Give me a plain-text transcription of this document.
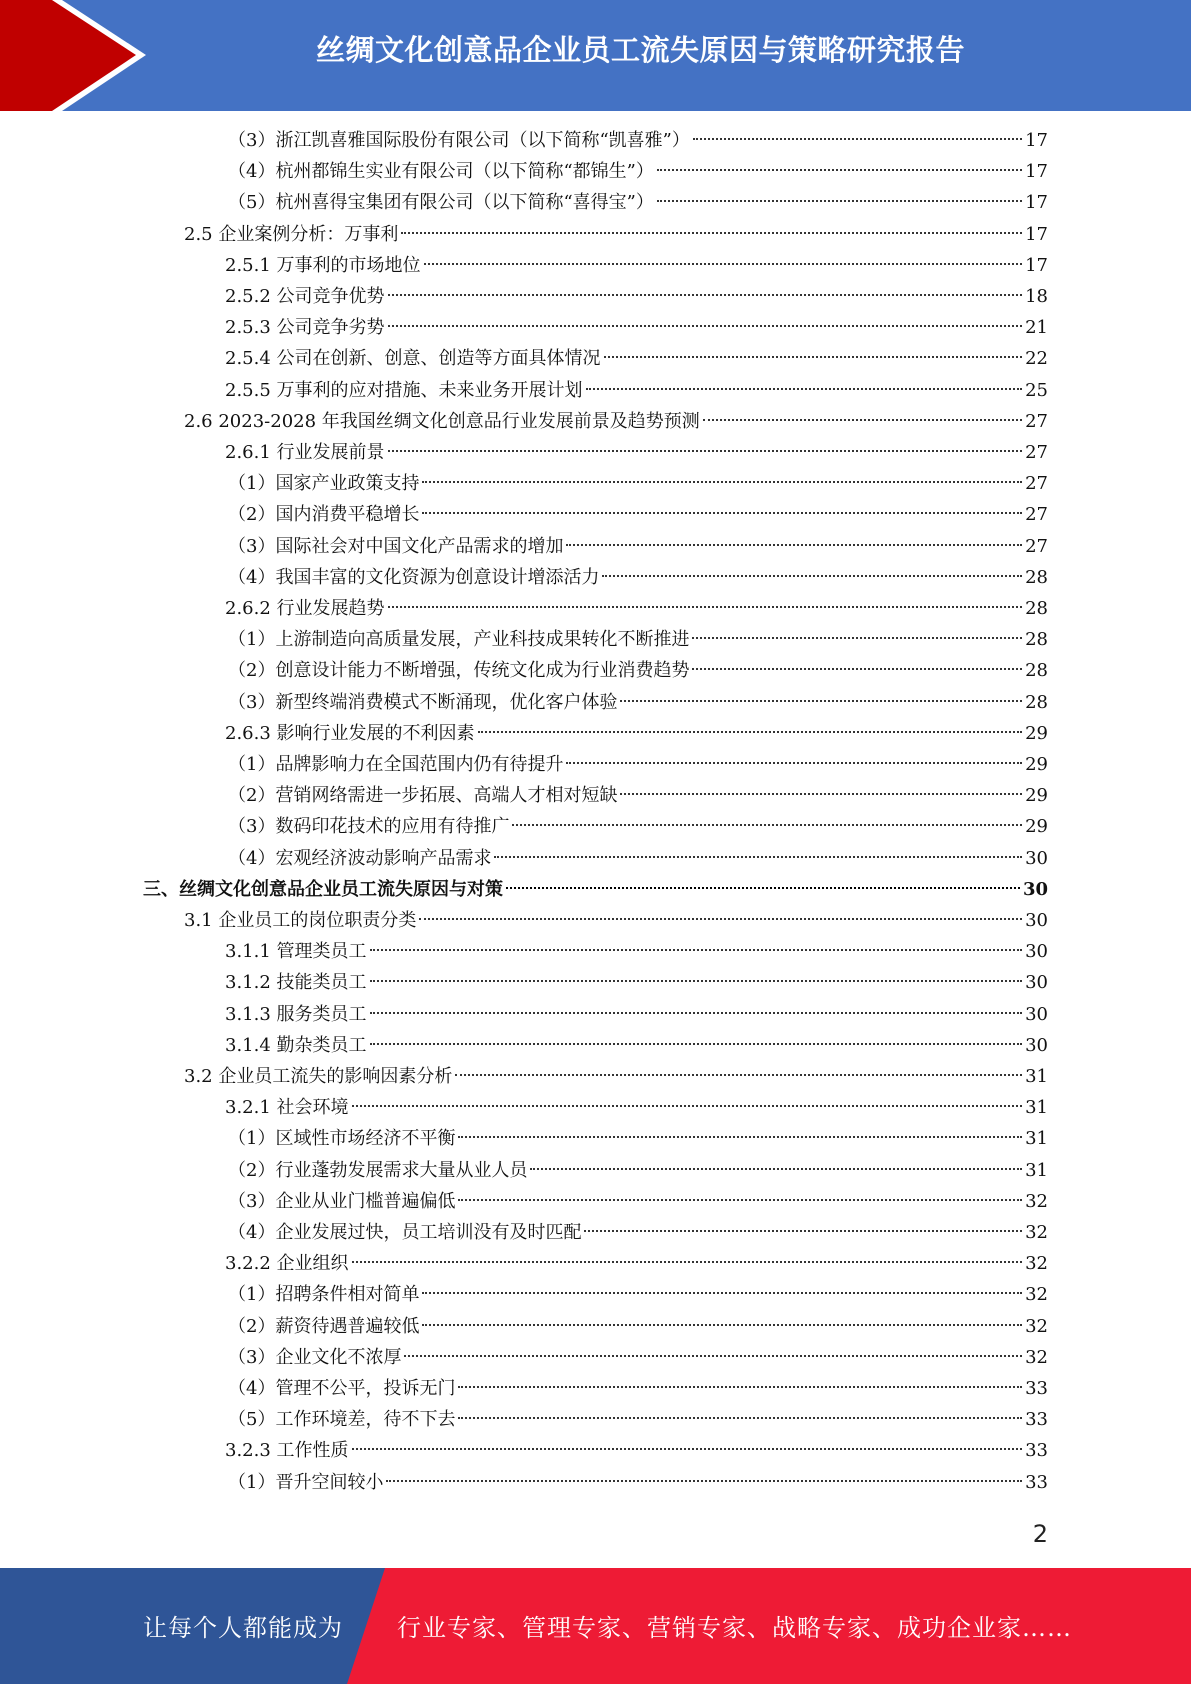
丝绸文化创意品企业员工流失原因与策略研究报告
（3）浙江凯喜雅国际股份有限公司（以下简称“凯喜雅”）	17
（4）杭州都锦生实业有限公司（以下简称“都锦生”）	17
（5）杭州喜得宝集团有限公司（以下简称“喜得宝”）	17
2.5 企业案例分析：万事利	17
2.5.1 万事利的市场地位	17
2.5.2 公司竞争优势	18
2.5.3 公司竞争劣势	21
2.5.4 公司在创新、创意、创造等方面具体情况	22
2.5.5 万事利的应对措施、未来业务开展计划	25
2.6 2023-2028 年我国丝绸文化创意品行业发展前景及趋势预测	27
2.6.1 行业发展前景	27
（1）国家产业政策支持	27
（2）国内消费平稳增长	27
（3）国际社会对中国文化产品需求的增加	27
（4）我国丰富的文化资源为创意设计增添活力	28
2.6.2 行业发展趋势	28
（1）上游制造向高质量发展，产业科技成果转化不断推进	28
（2）创意设计能力不断增强，传统文化成为行业消费趋势	28
（3）新型终端消费模式不断涌现，优化客户体验	28
2.6.3 影响行业发展的不利因素	29
（1）品牌影响力在全国范围内仍有待提升	29
（2）营销网络需进一步拓展、高端人才相对短缺	29
（3）数码印花技术的应用有待推广	29
（4）宏观经济波动影响产品需求	30
三、丝绸文化创意品企业员工流失原因与对策	30
3.1 企业员工的岗位职责分类	30
3.1.1 管理类员工	30
3.1.2 技能类员工	30
3.1.3 服务类员工	30
3.1.4 勤杂类员工	30
3.2 企业员工流失的影响因素分析	31
3.2.1 社会环境	31
（1）区域性市场经济不平衡	31
（2）行业蓬勃发展需求大量从业人员	31
（3）企业从业门槛普遍偏低	32
（4）企业发展过快，员工培训没有及时匹配	32
3.2.2 企业组织	32
（1）招聘条件相对简单	32
（2）薪资待遇普遍较低	32
（3）企业文化不浓厚	32
（4）管理不公平，投诉无门	33
（5）工作环境差，待不下去	33
3.2.3 工作性质	33
（1）晋升空间较小	33
2
让每个人都能成为 行业专家、管理专家、营销专家、战略专家、成功企业家……
